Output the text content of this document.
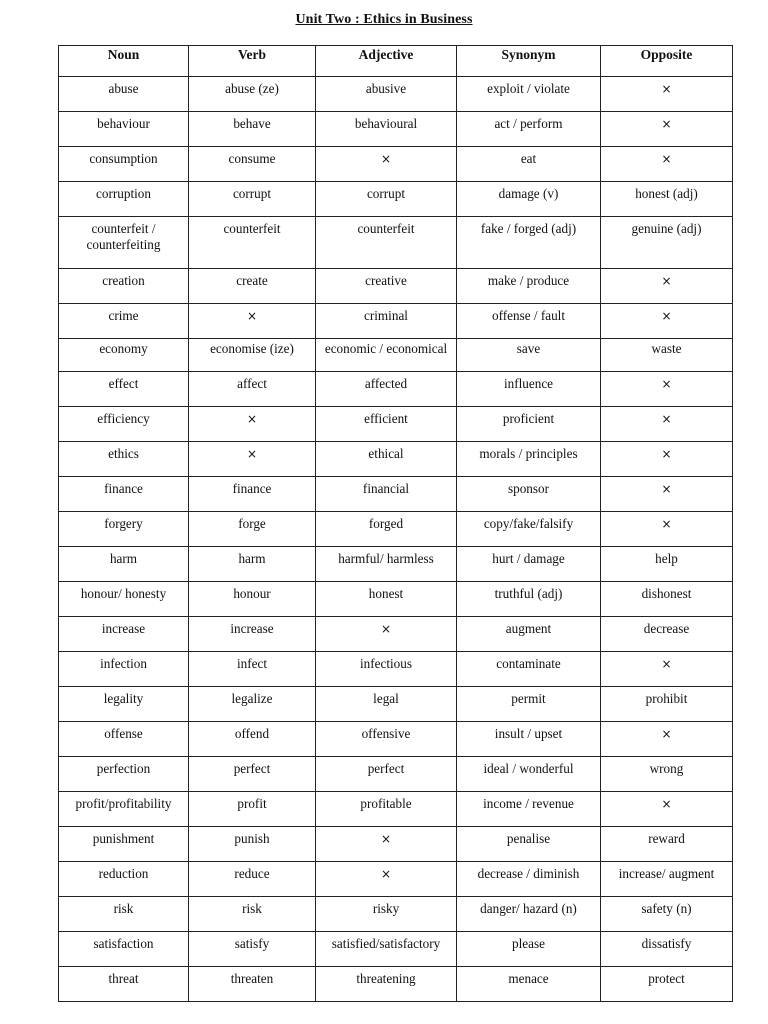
Unit Two : Ethics in Business
Noun	Verb	Adjective	Synonym	Opposite
abuse	abuse (ze)	abusive	exploit / violate	×
behaviour	behave	behavioural	act / perform	×
consumption	consume	×	eat	×
corruption	corrupt	corrupt	damage (v)	honest (adj)
counterfeit / counterfeiting	counterfeit	counterfeit	fake / forged (adj)	genuine (adj)
creation	create	creative	make / produce	×
crime	×	criminal	offense / fault	×
economy	economise (ize)	economic / economical	save	waste
effect	affect	affected	influence	×
efficiency	×	efficient	proficient	×
ethics	×	ethical	morals / principles	×
finance	finance	financial	sponsor	×
forgery	forge	forged	copy/fake/falsify	×
harm	harm	harmful/ harmless	hurt / damage	help
honour/ honesty	honour	honest	truthful (adj)	dishonest
increase	increase	×	augment	decrease
infection	infect	infectious	contaminate	×
legality	legalize	legal	permit	prohibit
offense	offend	offensive	insult / upset	×
perfection	perfect	perfect	ideal / wonderful	wrong
profit/profitability	profit	profitable	income / revenue	×
punishment	punish	×	penalise	reward
reduction	reduce	×	decrease / diminish	increase/ augment
risk	risk	risky	danger/ hazard (n)	safety (n)
satisfaction	satisfy	satisfied/satisfactory	please	dissatisfy
threat	threaten	threatening	menace	protect
